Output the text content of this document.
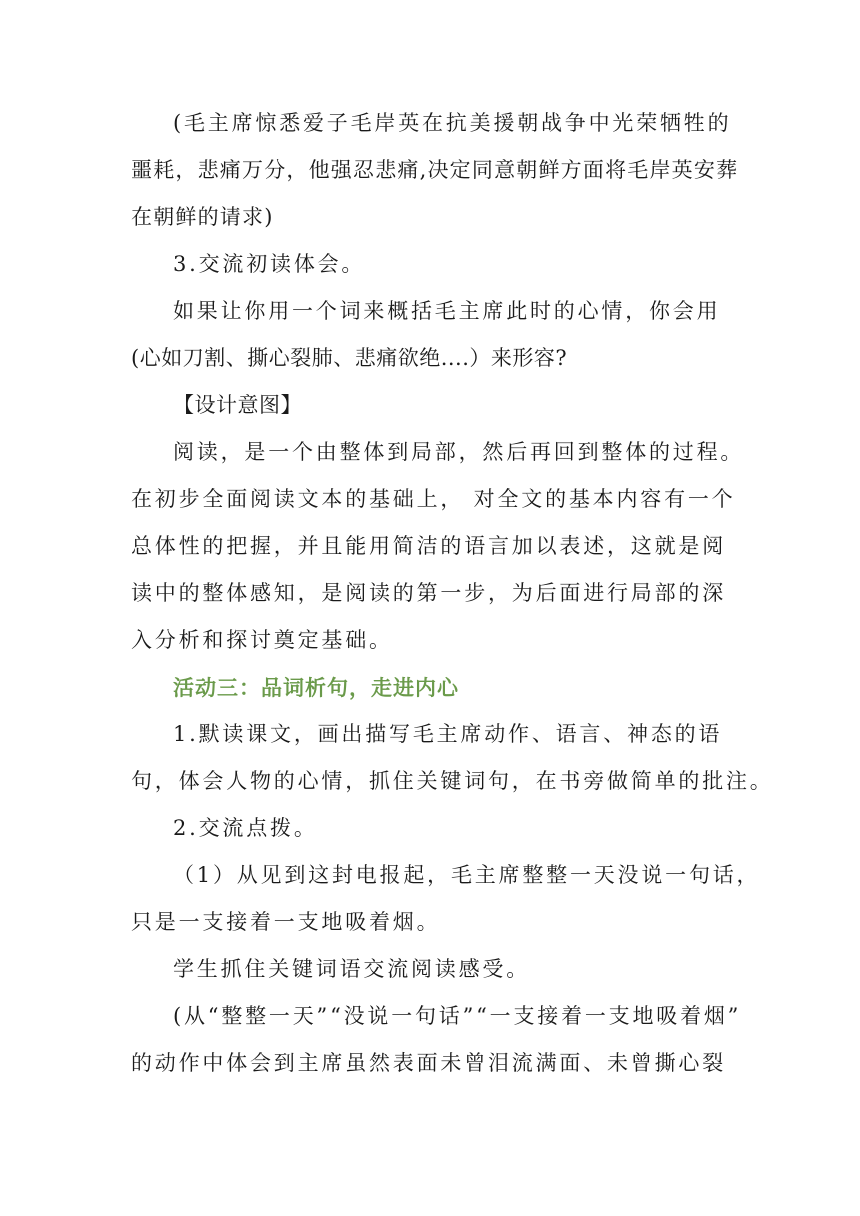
(毛主席惊悉爱子毛岸英在抗美援朝战争中光荣牺牲的
噩耗，悲痛万分，他强忍悲痛,决定同意朝鲜方面将毛岸英安葬
在朝鲜的请求)
3.交流初读体会。
如果让你用一个词来概括毛主席此时的心情，你会用
(心如刀割、撕心裂肺、悲痛欲绝....）来形容?
【设计意图】
阅读，是一个由整体到局部，然后再回到整体的过程。
在初步全面阅读文本的基础上， 对全文的基本内容有一个
总体性的把握，并且能用简洁的语言加以表述，这就是阅
读中的整体感知，是阅读的第一步，为后面进行局部的深
入分析和探讨奠定基础。
活动三：品词析句，走进内心
1.默读课文，画出描写毛主席动作、语言、神态的语
句，体会人物的心情，抓住关键词句，在书旁做简单的批注。
2.交流点拨。
（1）从见到这封电报起，毛主席整整一天没说一句话，
只是一支接着一支地吸着烟。
学生抓住关键词语交流阅读感受。
(从“整整一天”“没说一句话”“一支接着一支地吸着烟”
的动作中体会到主席虽然表面未曾泪流满面、未曾撕心裂
